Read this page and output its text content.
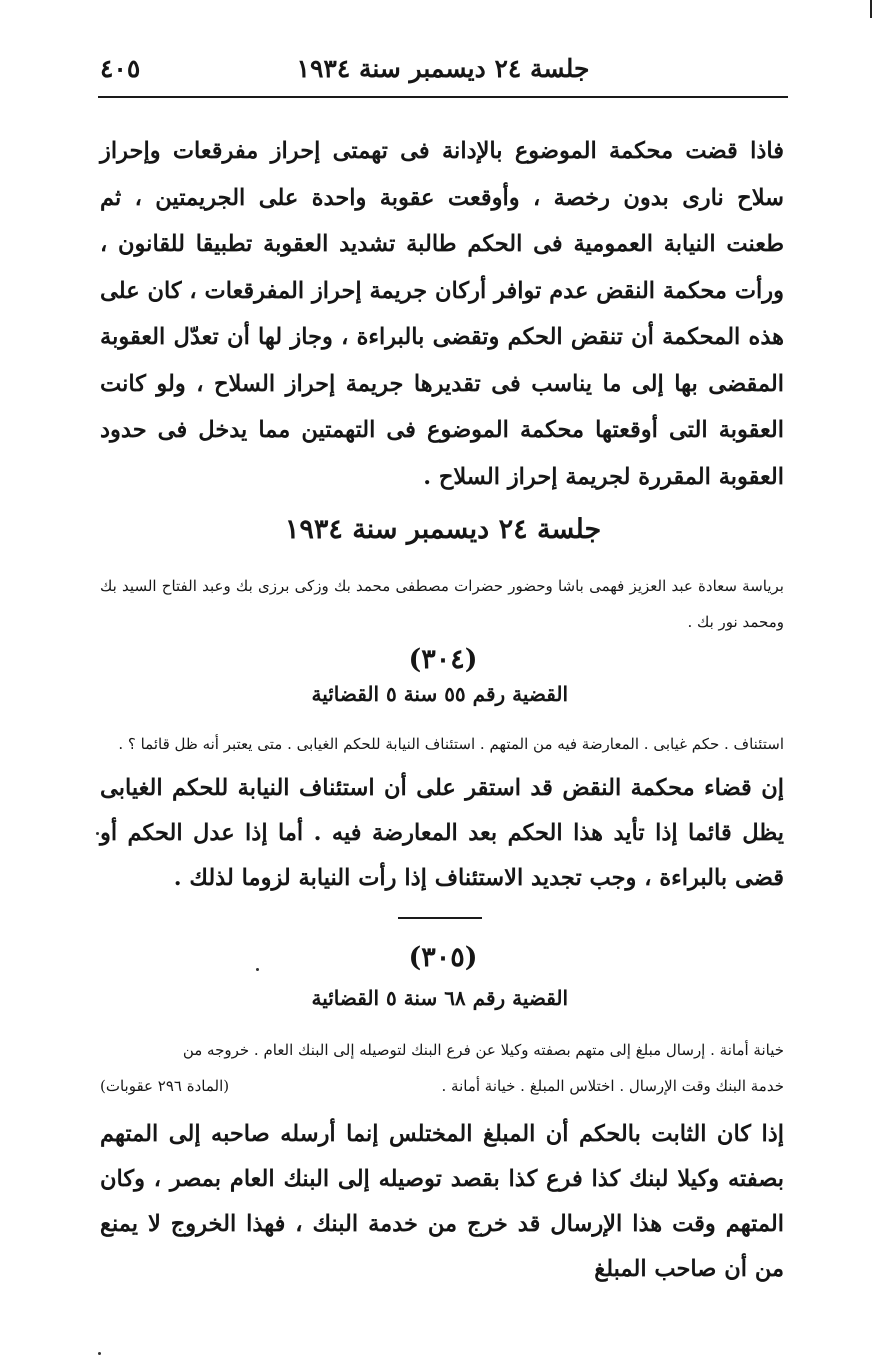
جلسة ٢٤ ديسمبر سنة ١٩٣٤
٤٠٥

فاذا قضت محكمة الموضوع بالإدانة فى تهمتى إحراز مفرقعات وإحراز سلاح نارى بدون رخصة ، وأوقعت عقوبة واحدة على الجريمتين ، ثم طعنت النيابة العمومية فى الحكم طالبة تشديد العقوبة تطبيقا للقانون ، ورأت محكمة النقض عدم توافر أركان جريمة إحراز المفرقعات ، كان على هذه المحكمة أن تنقض الحكم وتقضى بالبراءة ، وجاز لها أن تعدّل العقوبة المقضى بها إلى ما يناسب فى تقديرها جريمة إحراز السلاح ، ولو كانت العقوبة التى أوقعتها محكمة الموضوع فى التهمتين مما يدخل فى حدود العقوبة المقررة لجريمة إحراز السلاح .

جلسة ٢٤ ديسمبر سنة ١٩٣٤

برياسة سعادة عبد العزيز فهمى باشا وحضور حضرات مصطفى محمد بك وزكى برزى بك وعبد الفتاح السيد بك ومحمد نور بك .

(٣٠٤)
القضية رقم ٥٥ سنة ٥ القضائية

استئناف . حكم غيابى . المعارضة فيه من المتهم . استئناف النيابة للحكم الغيابى . متى يعتبر أنه ظل قائما ؟ .

إن قضاء محكمة النقض قد استقر على أن استئناف النيابة للحكم الغيابى يظل قائما إذا تأيد هذا الحكم بعد المعارضة فيه . أما إذا عدل الحكم أو قضى بالبراءة ، وجب تجديد الاستئناف إذا رأت النيابة لزوما لذلك .

(٣٠٥)
القضية رقم ٦٨ سنة ٥ القضائية
خيانة أمانة . إرسال مبلغ إلى متهم بصفته وكيلا عن فرع البنك لتوصيله إلى البنك العام . خروجه من
خدمة البنك وقت الإرسال . اختلاس المبلغ . خيانة أمانة .
(المادة ٢٩٦ عقوبات)

إذا كان الثابت بالحكم أن المبلغ المختلس إنما أرسله صاحبه إلى المتهم بصفته وكيلا لبنك كذا فرع كذا بقصد توصيله إلى البنك العام بمصر ، وكان المتهم وقت هذا الإرسال قد خرج من خدمة البنك ، فهذا الخروج لا يمنع من أن صاحب المبلغ
